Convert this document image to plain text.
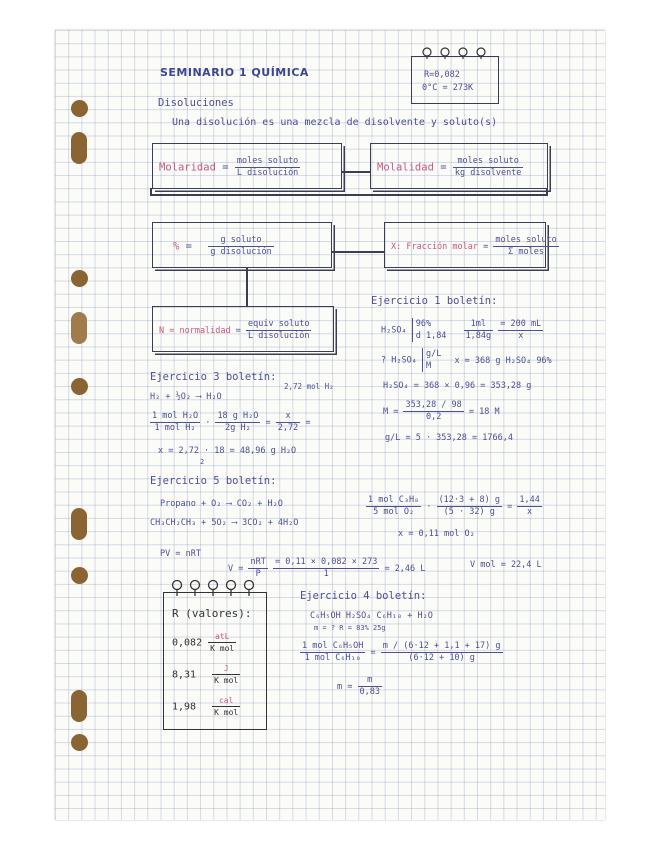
SEMINARIO 1 QUÍMICA	R=0,082
0°C = 273K
Disoluciones
Una disolución es una mezcla de disolvente y soluto(s)
Molaridad = $\frac{\text{moles soluto}}{\text{L disolución}}$	Molalidad = $\frac{\text{moles soluto}}{\text{kg disolvente}}$
% = $\frac{\text{g soluto}}{\text{g disolución}}$	X: Fracción molar = $\frac{\text{moles soluto}}{\text{Σ moles}}$
N = normalidad = $\frac{\text{equiv soluto}}{\text{L disolución}}$
Ejercicio 1 boletín:
H₂SO₄
96%
d 1,84
$\frac{1ml}{1,84g}$
$\frac{= 200 mL}{x}$
? H₂SO₄
g/L
M
x = 368 g H₂SO₄ 96%
H₂SO₄ = 368 × 0,96 = 353,28 g
$M = \frac{353,28 / 98}{0,2} = 18$ M
g/L = 5 · 353,28 = 1766,4
Ejercicio 3 boletín:
2,72 mol H₂
H₂ + ½O₂ ⟶ H₂O
$\frac{\text{1 mol H₂O}}{\text{1 mol H₂}} \cdot \frac{\text{18 g H₂O}}{\text{2g H₂}} = \frac{x}{2,72}$ =
x = 2,72 · 18 = 48,96 g H₂O
2
Ejercicio 5 boletín:
Propano + O₂ ⟶ CO₂ + H₂O
CH₃CH₂CH₃ + 5O₂ ⟶ 3CO₂ + 4H₂O
$\frac{\text{1 mol C₃H₈}}{\text{5 mol O₂}} \cdot \frac{(12\cdot 3 + 8) g}{(5 \cdot 32) g} = \frac{1,44}{x}$
x = 0,11 mol O₂
PV = nRT
$V = \frac{\text{nRT}}{P}$
$\frac{= 0,11 \times 0,082 \times 273}{1} = 2,46$ L	V mol = 22,4 L
R (valores):
$0,082 \frac{\text{atL}}{\text{K mol}}$
$8,31 \frac{J}{\text{K mol}}$
$1,98 \frac{\text{cal}}{\text{K mol}}$
Ejercicio 4 boletín:
C₆H₅OH H₂SO₄ C₆H₁₀ + H₂O
m = ? R = 83% 25g
$\frac{\text{1 mol C₆H₅OH}}{\text{1 mol C₆H₁₀}} = \frac{m / (6\cdot 12 + 1,1 + 17) g}{(6\cdot 12 + 10) g}$
$m = \frac{m}{0,83}$
